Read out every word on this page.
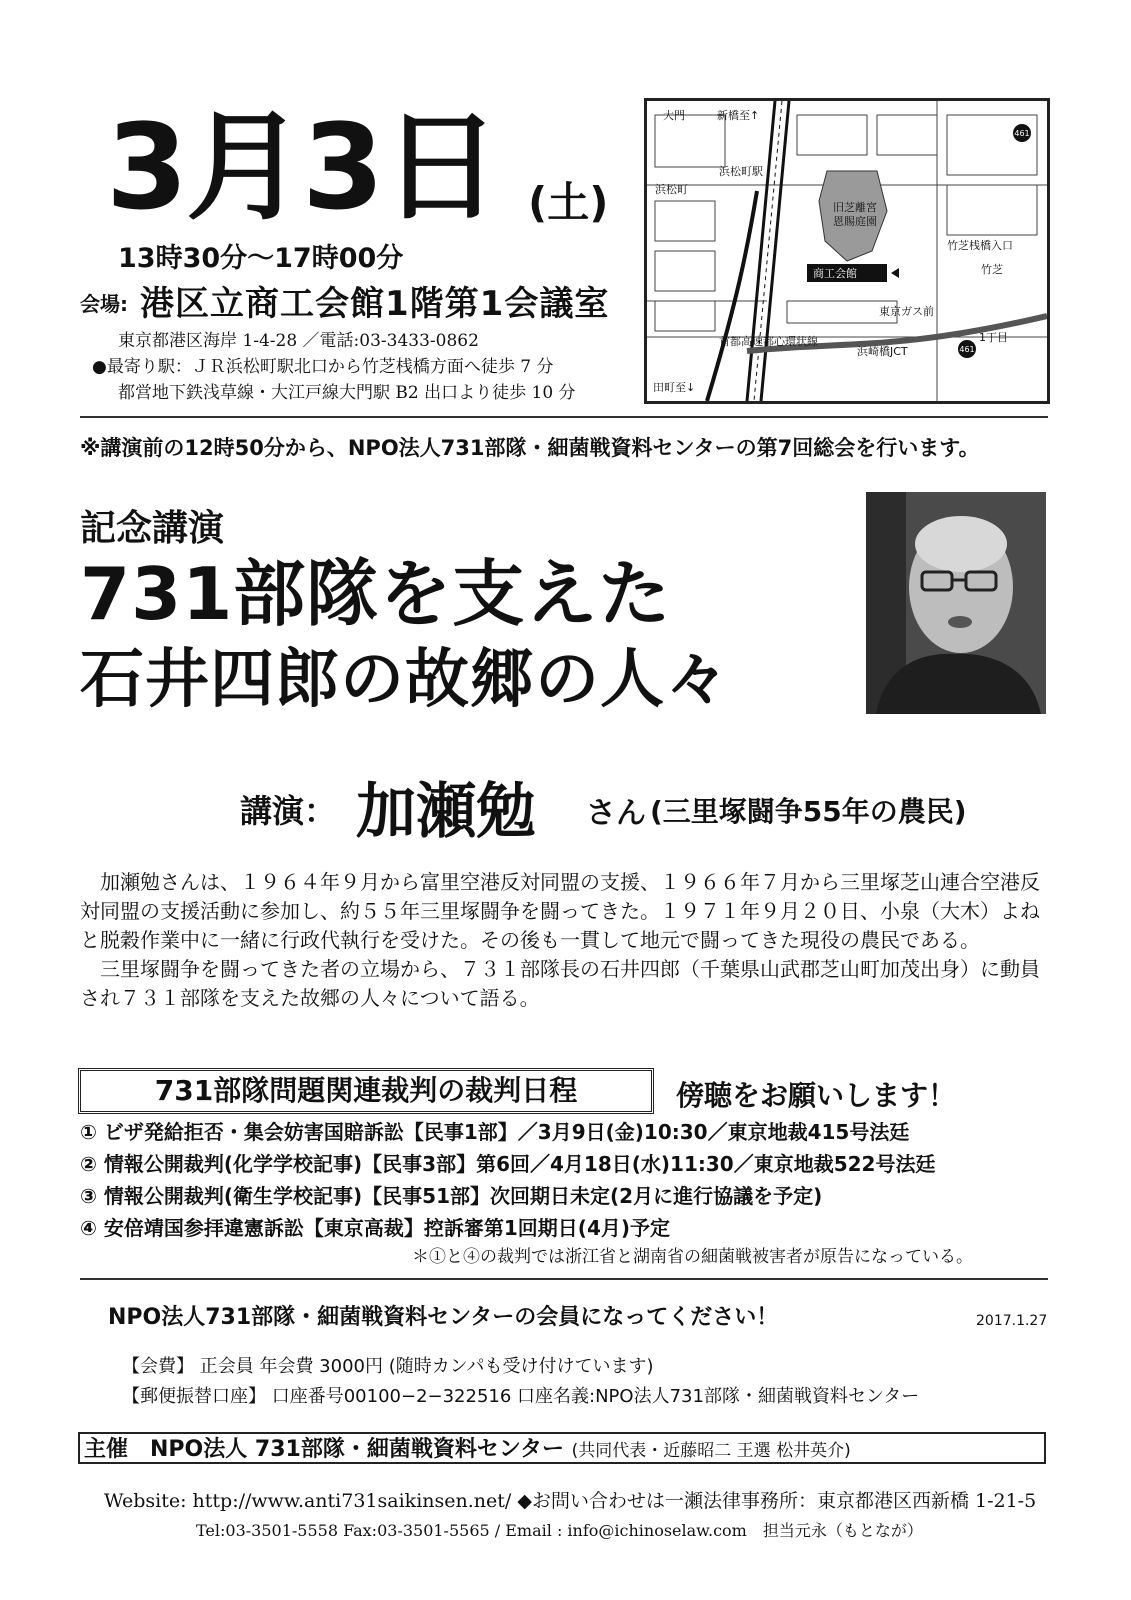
3月3日 (土)
13時30分〜17時00分
会場: 港区立商工会館1階第1会議室
東京都港区海岸 1-4-28 ／電話:03-3433-0862
●最寄り駅：ＪＲ浜松町駅北口から竹芝桟橋方面へ徒歩 7 分
都営地下鉄浅草線・大江戸線大門駅 B2 出口より徒歩 10 分
大門	新橋至↑
浜松町駅
浜松町
旧芝離宮
恩賜庭園
商工会館
竹芝桟橋入口
竹芝
東京ガス前
首都高速都心環状線	1丁目
浜崎橋JCT
田町至↓
461
461
※講演前の12時50分から、NPO法人731部隊・細菌戦資料センターの第7回総会を行います。
記念講演
731部隊を支えた
石井四郎の故郷の人々
講演： 加瀬勉 さん (三里塚闘争55年の農民)

加瀬勉さんは、１９６４年９月から富里空港反対同盟の支援、１９６６年７月から三里塚芝山連合空港反対同盟の支援活動に参加し、約５５年三里塚闘争を闘ってきた。１９７１年９月２０日、小泉（大木）よねと脱穀作業中に一緒に行政代執行を受けた。その後も一貫して地元で闘ってきた現役の農民である。

三里塚闘争を闘ってきた者の立場から、７３１部隊長の石井四郎（千葉県山武郡芝山町加茂出身）に動員され７３１部隊を支えた故郷の人々について語る。

731部隊問題関連裁判の裁判日程	傍聴をお願いします！
① ビザ発給拒否・集会妨害国賠訴訟【民事1部】／3月9日(金)10:30／東京地裁415号法廷
② 情報公開裁判(化学学校記事)【民事3部】第6回／4月18日(水)11:30／東京地裁522号法廷
③ 情報公開裁判(衛生学校記事)【民事51部】次回期日未定(2月に進行協議を予定)
④ 安倍靖国参拝違憲訴訟【東京高裁】控訴審第1回期日(4月)予定
＊①と④の裁判では浙江省と湖南省の細菌戦被害者が原告になっている。
NPO法人731部隊・細菌戦資料センターの会員になってください！	2017.1.27
【会費】 正会員 年会費 3000円 (随時カンパも受け付けています)
【郵便振替口座】 口座番号00100−2−322516 口座名義:NPO法人731部隊・細菌戦資料センター
主催　NPO法人 731部隊・細菌戦資料センター (共同代表・近藤昭二 王選 松井英介)
Website: http://www.anti731saikinsen.net/ ◆お問い合わせは一瀬法律事務所：東京都港区西新橋 1-21-5
Tel:03-3501-5558 Fax:03-3501-5565 / Email : info@ichinoselaw.com　担当元永（もとなが）
